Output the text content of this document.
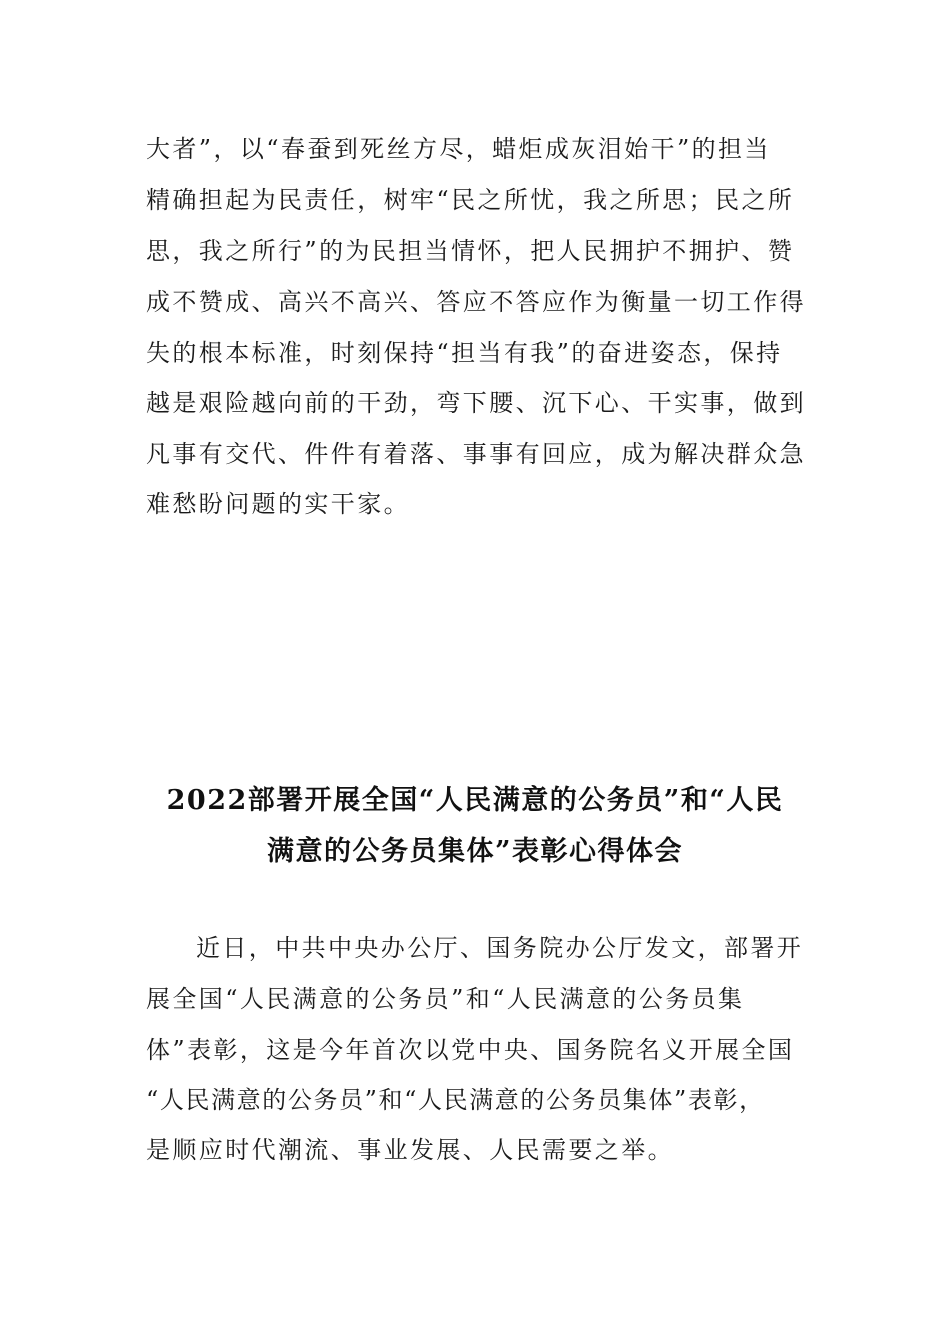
大者”，以“春蚕到死丝方尽，蜡炬成灰泪始干”的担当
精确担起为民责任，树牢“民之所忧，我之所思；民之所
思，我之所行”的为民担当情怀，把人民拥护不拥护、赞
成不赞成、高兴不高兴、答应不答应作为衡量一切工作得
失的根本标准，时刻保持“担当有我”的奋进姿态，保持
越是艰险越向前的干劲，弯下腰、沉下心、干实事，做到
凡事有交代、件件有着落、事事有回应，成为解决群众急
难愁盼问题的实干家。
2022部署开展全国“人民满意的公务员”和“人民
满意的公务员集体”表彰心得体会
近日，中共中央办公厅、国务院办公厅发文，部署开
展全国“人民满意的公务员”和“人民满意的公务员集
体”表彰，这是今年首次以党中央、国务院名义开展全国
“人民满意的公务员”和“人民满意的公务员集体”表彰，
是顺应时代潮流、事业发展、人民需要之举。
